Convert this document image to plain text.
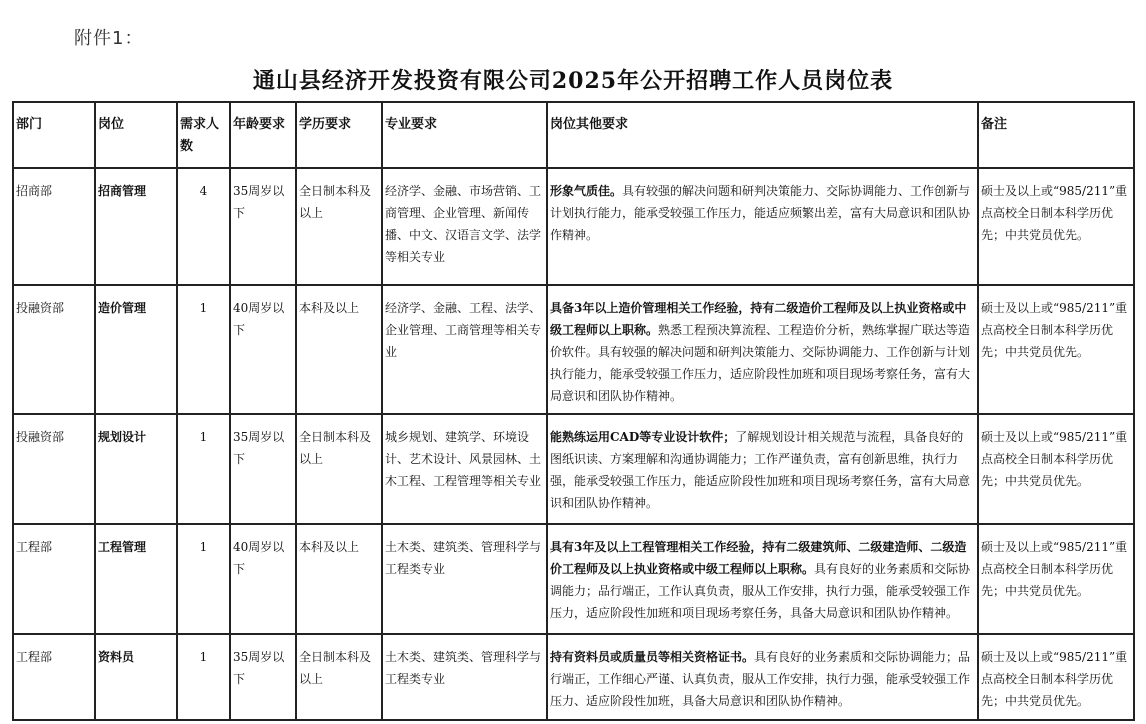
附件1：
通山县经济开发投资有限公司2025年公开招聘工作人员岗位表
部门	岗位	需求人数	年龄要求	学历要求	专业要求	岗位其他要求	备注
招商部	招商管理	4	35周岁以下	全日制本科及以上	经济学、金融、市场营销、工商管理、企业管理、新闻传播、中文、汉语言文学、法学等相关专业	形象气质佳。具有较强的解决问题和研判决策能力、交际协调能力、工作创新与计划执行能力，能承受较强工作压力，能适应频繁出差，富有大局意识和团队协作精神。	硕士及以上或“985/211”重点高校全日制本科学历优先；中共党员优先。
投融资部	造价管理	1	40周岁以下	本科及以上	经济学、金融、工程、法学、企业管理、工商管理等相关专业	具备3年以上造价管理相关工作经验，持有二级造价工程师及以上执业资格或中级工程师以上职称。熟悉工程预决算流程、工程造价分析，熟练掌握广联达等造价软件。具有较强的解决问题和研判决策能力、交际协调能力、工作创新与计划执行能力，能承受较强工作压力，适应阶段性加班和项目现场考察任务，富有大局意识和团队协作精神。	硕士及以上或“985/211”重点高校全日制本科学历优先；中共党员优先。
投融资部	规划设计	1	35周岁以下	全日制本科及以上	城乡规划、建筑学、环境设计、艺术设计、风景园林、土木工程、工程管理等相关专业	能熟练运用CAD等专业设计软件；了解规划设计相关规范与流程，具备良好的图纸识读、方案理解和沟通协调能力；工作严谨负责，富有创新思维，执行力强，能承受较强工作压力，能适应阶段性加班和项目现场考察任务，富有大局意识和团队协作精神。	硕士及以上或“985/211”重点高校全日制本科学历优先；中共党员优先。
工程部	工程管理	1	40周岁以下	本科及以上	土木类、建筑类、管理科学与工程类专业	具有3年及以上工程管理相关工作经验，持有二级建筑师、二级建造师、二级造价工程师及以上执业资格或中级工程师以上职称。具有良好的业务素质和交际协调能力；品行端正，工作认真负责，服从工作安排，执行力强，能承受较强工作压力，适应阶段性加班和项目现场考察任务，具备大局意识和团队协作精神。	硕士及以上或“985/211”重点高校全日制本科学历优先；中共党员优先。
工程部	资料员	1	35周岁以下	全日制本科及以上	土木类、建筑类、管理科学与工程类专业	持有资料员或质量员等相关资格证书。具有良好的业务素质和交际协调能力；品行端正，工作细心严谨、认真负责，服从工作安排，执行力强，能承受较强工作压力、适应阶段性加班，具备大局意识和团队协作精神。	硕士及以上或“985/211”重点高校全日制本科学历优先；中共党员优先。
